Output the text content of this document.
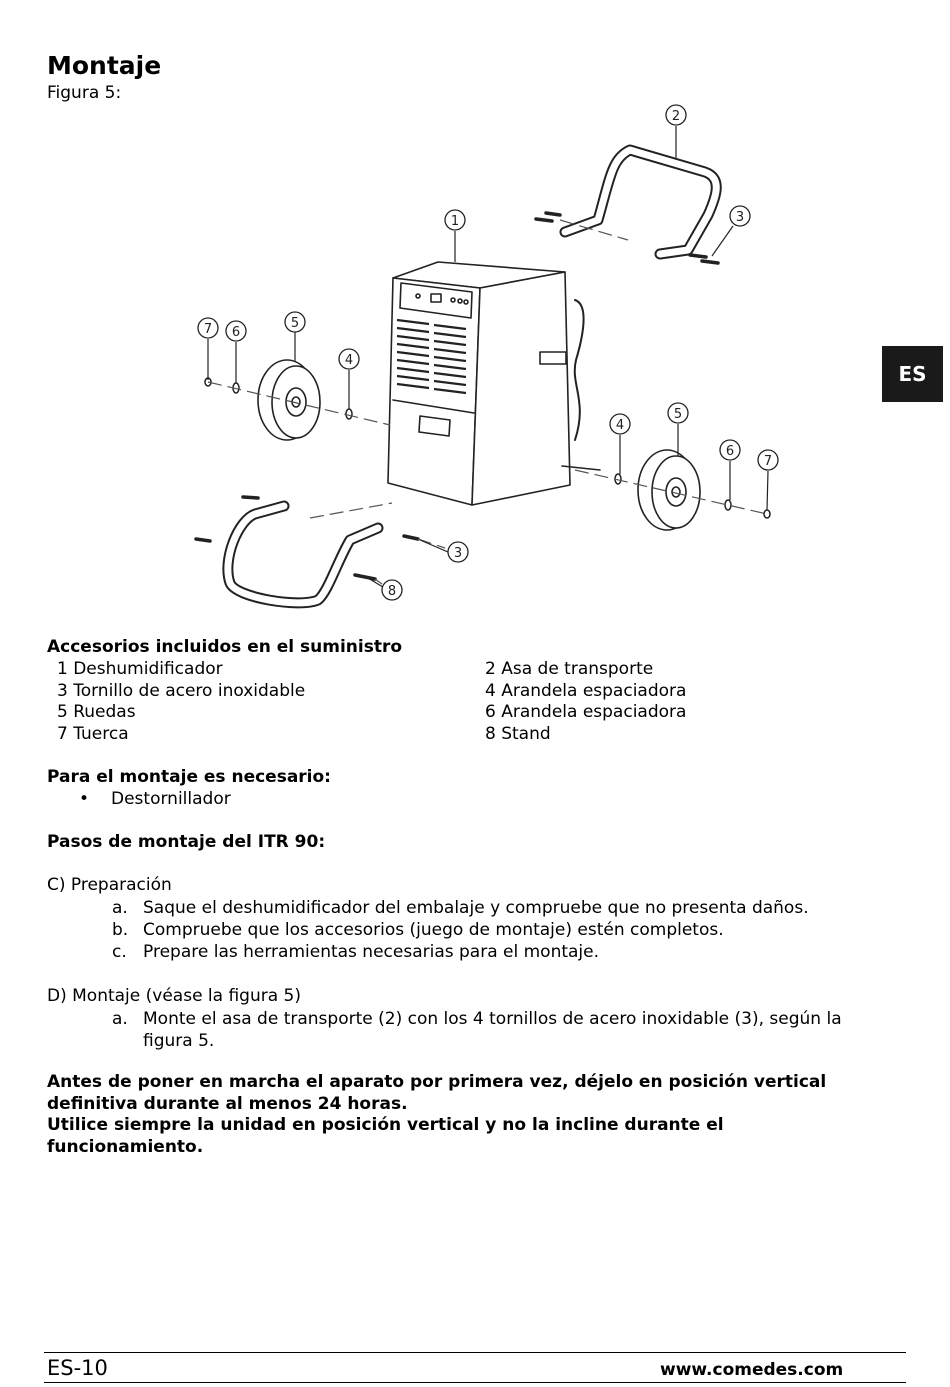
Montaje
Figura 5:
ES
1
2
3
3
4
4
5
5
6
6
7
7
8
Accesorios incluidos en el suministro
1 Deshumidificador	2 Asa de transporte
3 Tornillo de acero inoxidable	4 Arandela espaciadora
5 Ruedas	6 Arandela espaciadora
7 Tuerca	8 Stand
Para el montaje es necesario:
• Destornillador
Pasos de montaje del ITR 90:
C) Preparación
a. Saque el deshumidificador del embalaje y compruebe que no presenta daños.
b. Compruebe que los accesorios (juego de montaje) estén completos.
c. Prepare las herramientas necesarias para el montaje.
D) Montaje (véase la figura 5)
a. Monte el asa de transporte (2) con los 4 tornillos de acero inoxidable (3), según la figura 5.
Antes de poner en marcha el aparato por primera vez, déjelo en posición vertical definitiva durante al menos 24 horas.
Utilice siempre la unidad en posición vertical y no la incline durante el funcionamiento.
ES-10	www.comedes.com
